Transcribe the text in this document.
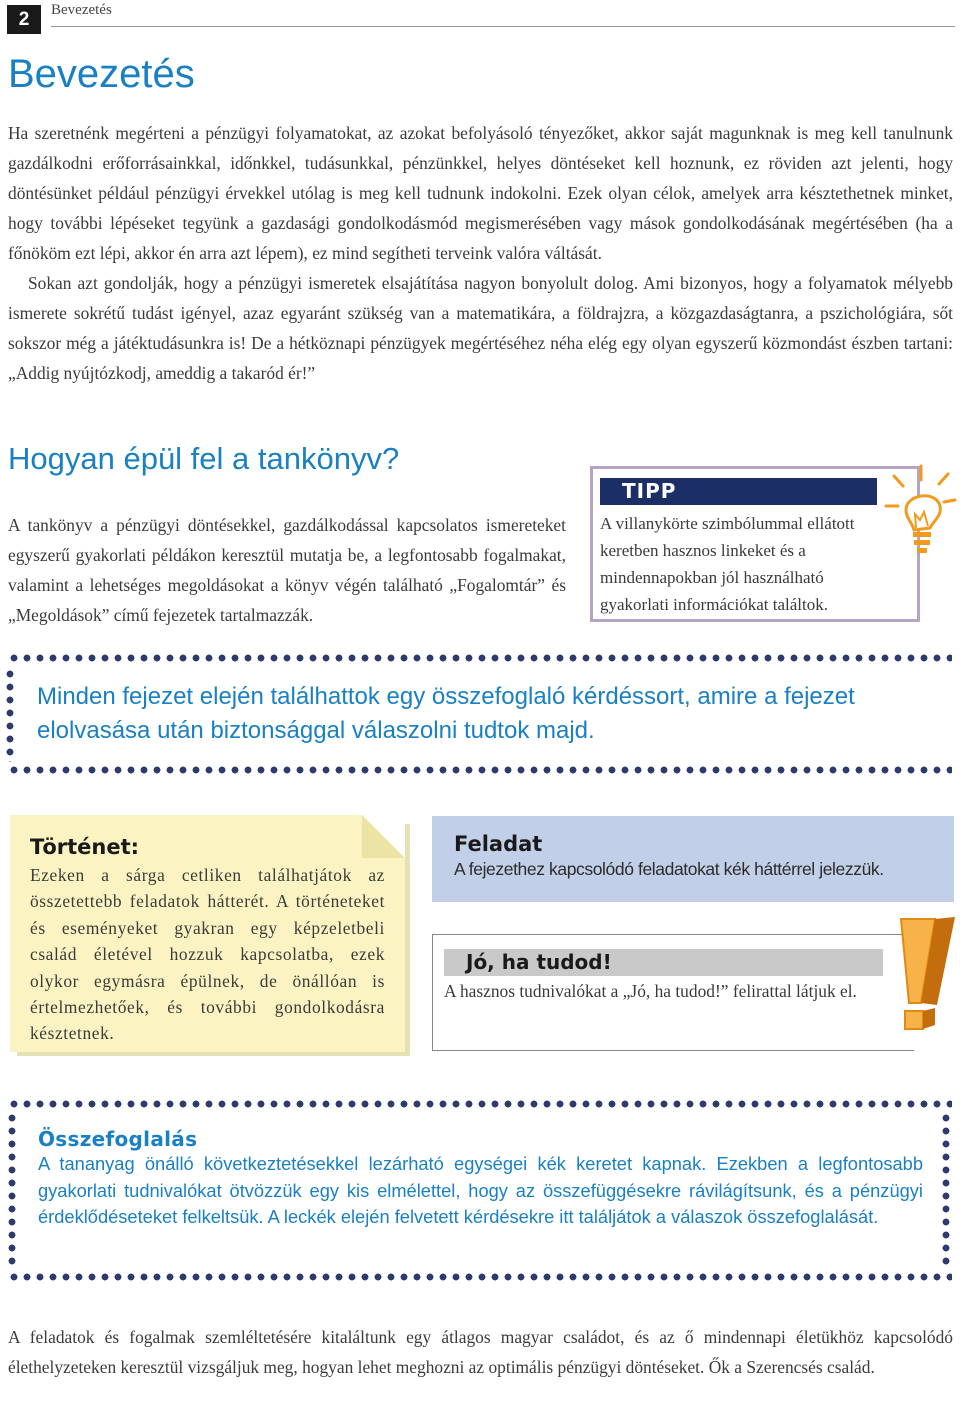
2	Bevezetés
Bevezetés

Ha szeretnénk megérteni a pénzügyi folyamatokat, az azokat befolyásoló tényezőket, akkor saját magunknak is meg kell tanulnunk gazdálkodni erőforrásainkkal, időnkkel, tudásunkkal, pénzünkkel, helyes döntéseket kell hoznunk, ez röviden azt jelenti, hogy döntésünket például pénzügyi érvekkel utólag is meg kell tudnunk indokolni. Ezek olyan célok, amelyek arra késztethetnek minket, hogy további lépéseket tegyünk a gazdasági gondolkodásmód megismerésében vagy mások gondolkodásának megértésében (ha a főnököm ezt lépi, akkor én arra azt lépem), ez mind segítheti terveink valóra váltását.

Sokan azt gondolják, hogy a pénzügyi ismeretek elsajátítása nagyon bonyolult dolog. Ami bizonyos, hogy a folyamatok mélyebb ismerete sokrétű tudást igényel, azaz egyaránt szükség van a matematikára, a földrajzra, a közgazdaságtanra, a pszichológiára, sőt sokszor még a játéktudásunkra is! De a hétköznapi pénzügyek megértéséhez néha elég egy olyan egyszerű közmondást észben tartani: „Addig nyújtózkodj, ameddig a takaród ér!”

Hogyan épül fel a tankönyv?

A tankönyv a pénzügyi döntésekkel, gazdálkodással kapcsolatos ismereteket egyszerű gyakorlati példákon keresztül mutatja be, a legfontosabb fogalmakat, valamint a lehetséges megoldásokat a könyv végén található „Fogalomtár” és „Megoldások” című fejezetek tartalmazzák.

TIPP
A villanykörte szimbólummal ellátott keretben hasznos linkeket és a mindennapokban jól használható gyakorlati információkat találtok.
Minden fejezet elején találhattok egy összefoglaló kérdéssort, amire a fejezet elolvasása után biztonsággal válaszolni tudtok majd.
Történet:
Ezeken a sárga cetliken találhatjátok az összetettebb feladatok hátterét. A történeteket és eseményeket gyakran egy képzeletbeli család életével hozzuk kapcsolatba, ezek olykor egymásra épülnek, de önállóan is értelmezhetőek, és további gondolkodásra késztetnek.
Feladat
A fejezethez kapcsolódó feladatokat kék háttérrel jelezzük.
Jó, ha tudod!
A hasznos tudnivalókat a „Jó, ha tudod!” felirattal látjuk el.
Összefoglalás
A tananyag önálló következtetésekkel lezárható egységei kék keretet kapnak. Ezekben a legfontosabb gyakorlati tudnivalókat ötvözzük egy kis elmélettel, hogy az összefüggésekre rávilágítsunk, és a pénzügyi érdeklődéseteket felkeltsük. A leckék elején felvetett kérdésekre itt találjátok a válaszok összefoglalását.
A feladatok és fogalmak szemléltetésére kitaláltunk egy átlagos magyar családot, és az ő mindennapi életükhöz kapcsolódó élethelyzeteken keresztül vizsgáljuk meg, hogyan lehet meghozni az optimális pénzügyi döntéseket. Ők a Szerencsés család.
